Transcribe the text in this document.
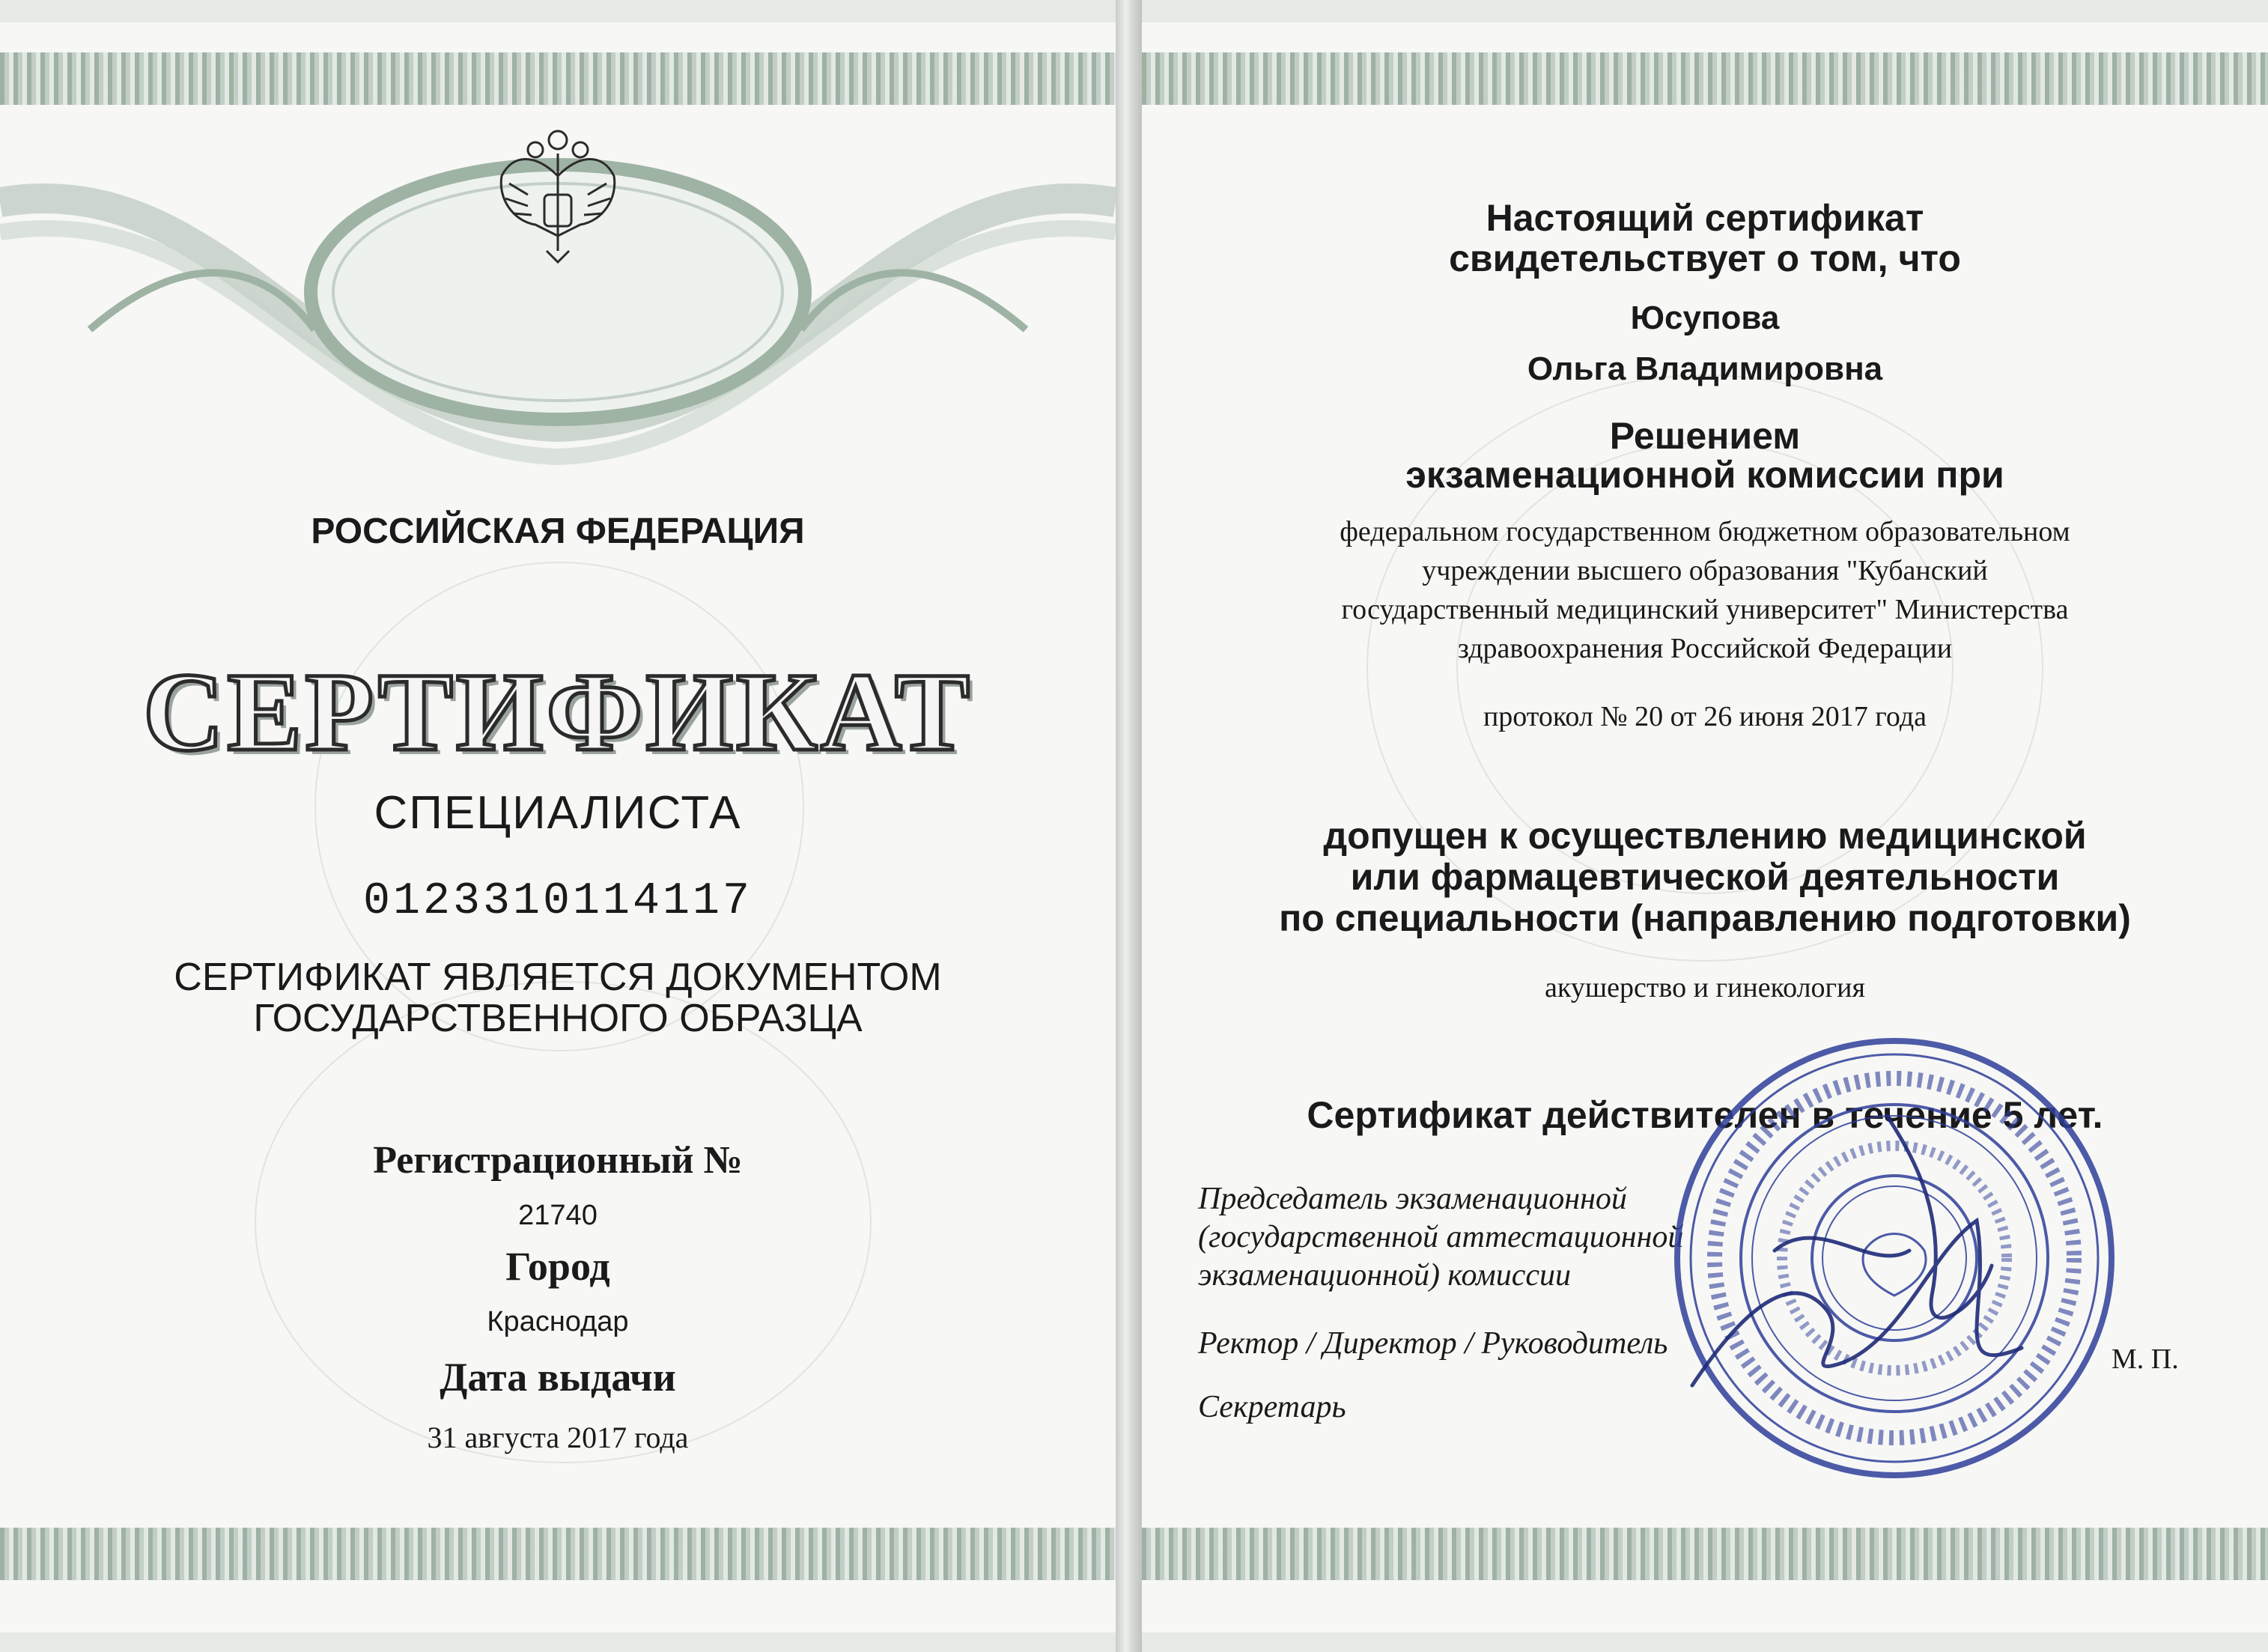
РОССИЙСКАЯ ФЕДЕРАЦИЯ
СЕРТИФИКАТ
СПЕЦИАЛИСТА
0123310114117
СЕРТИФИКАТ ЯВЛЯЕТСЯ ДОКУМЕНТОМ
ГОСУДАРСТВЕННОГО ОБРАЗЦА
Регистрационный №
21740
Город
Краснодар
Дата выдачи
31 августа 2017 года
Настоящий сертификат
свидетельствует о том, что
Юсупова
Ольга Владимировна
Решением
экзаменационной комиссии при
федеральном государственном бюджетном образовательном
учреждении высшего образования "Кубанский
государственный медицинский университет" Министерства
здравоохранения Российской Федерации
протокол № 20 от 26 июня 2017 года
допущен к осуществлению медицинской
или фармацевтической деятельности
по специальности (направлению подготовки)
акушерство и гинекология
Сертификат действителен в течение 5 лет.
Председатель экзаменационной
(государственной аттестационной
экзаменационной) комиссии
Ректор / Директор / Руководитель
Секретарь
М. П.
